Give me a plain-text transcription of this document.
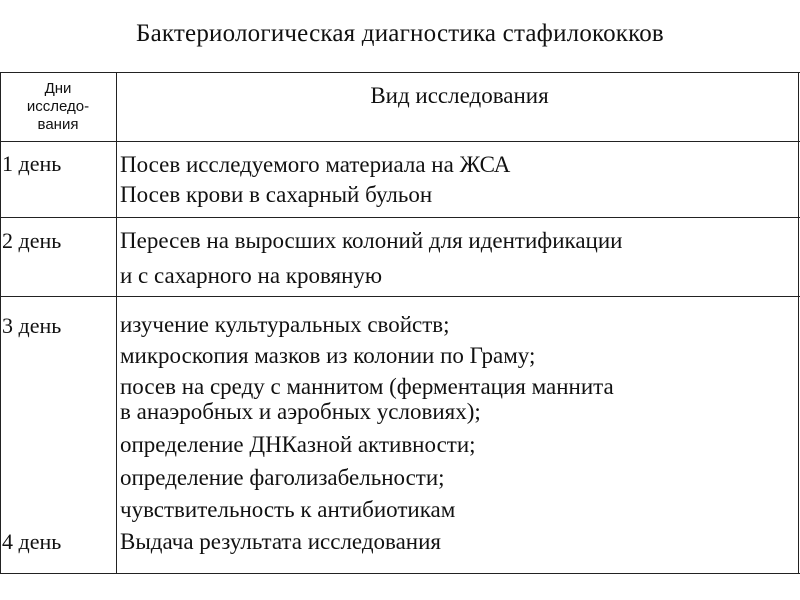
Бактериологическая диагностика стафилококков
Дни
исследо-
вания
Вид исследования
1 день	Посев исследуемого материала на ЖСА
Посев крови в сахарный бульон
2 день	Пересев на выросших колоний для идентификации
и с сахарного на кровяную
3 день
4 день
изучение культуральных свойств;
микроскопия мазков из колонии по Граму;
посев на среду с маннитом (ферментация маннита
в анаэробных и аэробных условиях);
определение ДНКазной активности;
определение фаголизабельности;
чувствительность к антибиотикам
Выдача результата исследования
